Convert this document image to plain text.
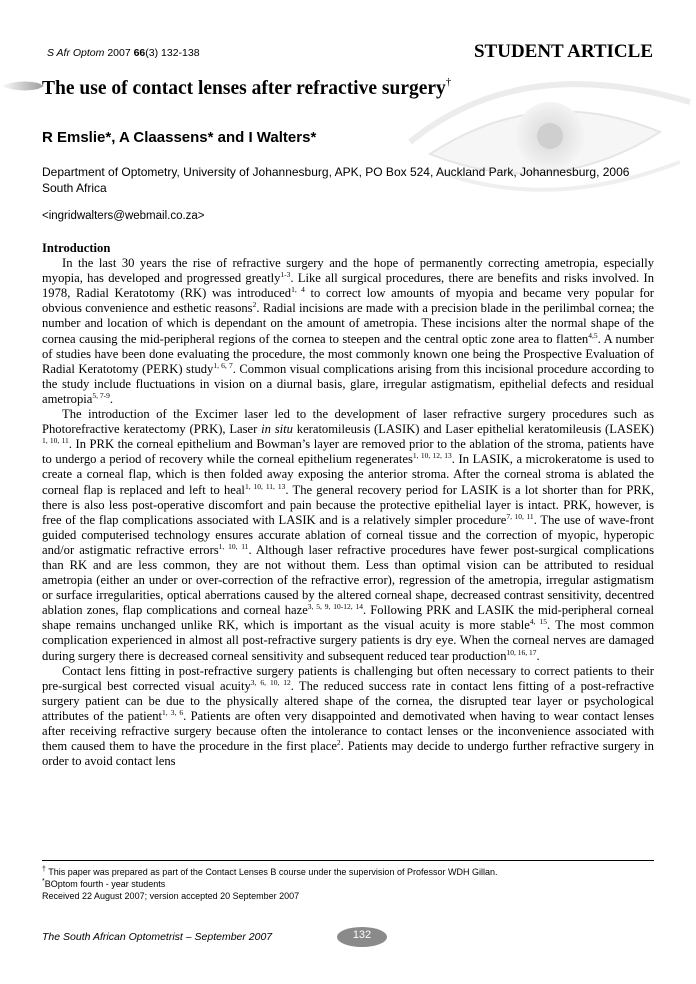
S Afr Optom 2007 66(3) 132-138	STUDENT ARTICLE
The use of contact lenses after refractive surgery†
R Emslie*, A Claassens* and I Walters*
Department of Optometry, University of Johannesburg, APK, PO Box 524, Auckland Park, Johannesburg, 2006 South Africa
<ingridwalters@webmail.co.za>
Introduction

In the last 30 years the rise of refractive surgery and the hope of permanently correcting ametropia, especially myopia, has developed and progressed greatly$^{1-3}$. Like all surgical procedures, there are benefits and risks involved. In 1978, Radial Keratotomy (RK) was introduced$^{1, 4}$ to correct low amounts of myopia and became very popular for obvious convenience and esthetic reasons$^2$. Radial incisions are made with a precision blade in the perilimbal cornea; the number and location of which is dependant on the amount of ametropia. These incisions alter the normal shape of the cornea causing the mid-peripheral regions of the cornea to steepen and the central optic zone area to flatten$^{4,5}$. A number of studies have been done evaluating the procedure, the most commonly known one being the Prospective Evaluation of Radial Keratotomy (PERK) study$^{1, 6, 7}$. Common visual complications arising from this incisional procedure according to the study include fluctuations in vision on a diurnal basis, glare, irregular astigmatism, epithelial defects and residual ametropia$^{5, 7-9}$.

The introduction of the Excimer laser led to the development of laser refractive surgery procedures such as Photorefractive keratectomy (PRK), Laser in situ keratomileusis (LASIK) and Laser epithelial keratomileusis (LASEK) $^{1, 10, 11}$. In PRK the corneal epithelium and Bowman’s layer are removed prior to the ablation of the stroma, patients have to undergo a period of recovery while the corneal epithelium regenerates$^{1, 10, 12, 13}$. In LASIK, a microkeratome is used to create a corneal flap, which is then folded away exposing the anterior stroma. After the corneal stroma is ablated the corneal flap is replaced and left to heal$^{1, 10, 11, 13}$. The general recovery period for LASIK is a lot shorter than for PRK, there is also less post-operative discomfort and pain because the protective epithelial layer is intact. PRK, however, is free of the flap complications associated with LASIK and is a relatively simpler procedure$^{7, 10, 11}$. The use of wave-front guided computerised technology ensures accurate ablation of corneal tissue and the correction of myopic, hyperopic and/or astigmatic refractive errors$^{1, 10, 11}$. Although laser refractive procedures have fewer post-surgical complications than RK and are less common, they are not without them. Less than optimal vision can be attributed to residual ametropia (either an under or over-correction of the refractive error), regression of the ametropia, irregular astigmatism or surface irregularities, optical aberrations caused by the altered corneal shape, decreased contrast sensitivity, decentred ablation zones, flap complications and corneal haze$^{3, 5, 9, 10-12, 14}$. Following PRK and LASIK the mid-peripheral corneal shape remains unchanged unlike RK, which is important as the visual acuity is more stable$^{4, 15}$. The most common complication experienced in almost all post-refractive surgery patients is dry eye. When the corneal nerves are damaged during surgery there is decreased corneal sensitivity and subsequent reduced tear production$^{10, 16, 17}$.

Contact lens fitting in post-refractive surgery patients is challenging but often necessary to correct patients to their pre-surgical best corrected visual acuity$^{3, 6, 10, 12}$. The reduced success rate in contact lens fitting of a post-refractive surgery patient can be due to the physically altered shape of the cornea, the disrupted tear layer or psychological attributes of the patient$^{1, 3, 6}$. Patients are often very disappointed and demotivated when having to wear contact lenses after receiving refractive surgery because often the intolerance to contact lenses or the inconvenience associated with them caused them to have the procedure in the first place$^2$. Patients may decide to undergo further refractive surgery in order to avoid contact lens

† This paper was prepared as part of the Contact Lenses B course under the supervision of Professor WDH Gillan.
*BOptom fourth - year students
Received 22 August 2007; version accepted 20 September 2007
The South African Optometrist – September 2007	132
